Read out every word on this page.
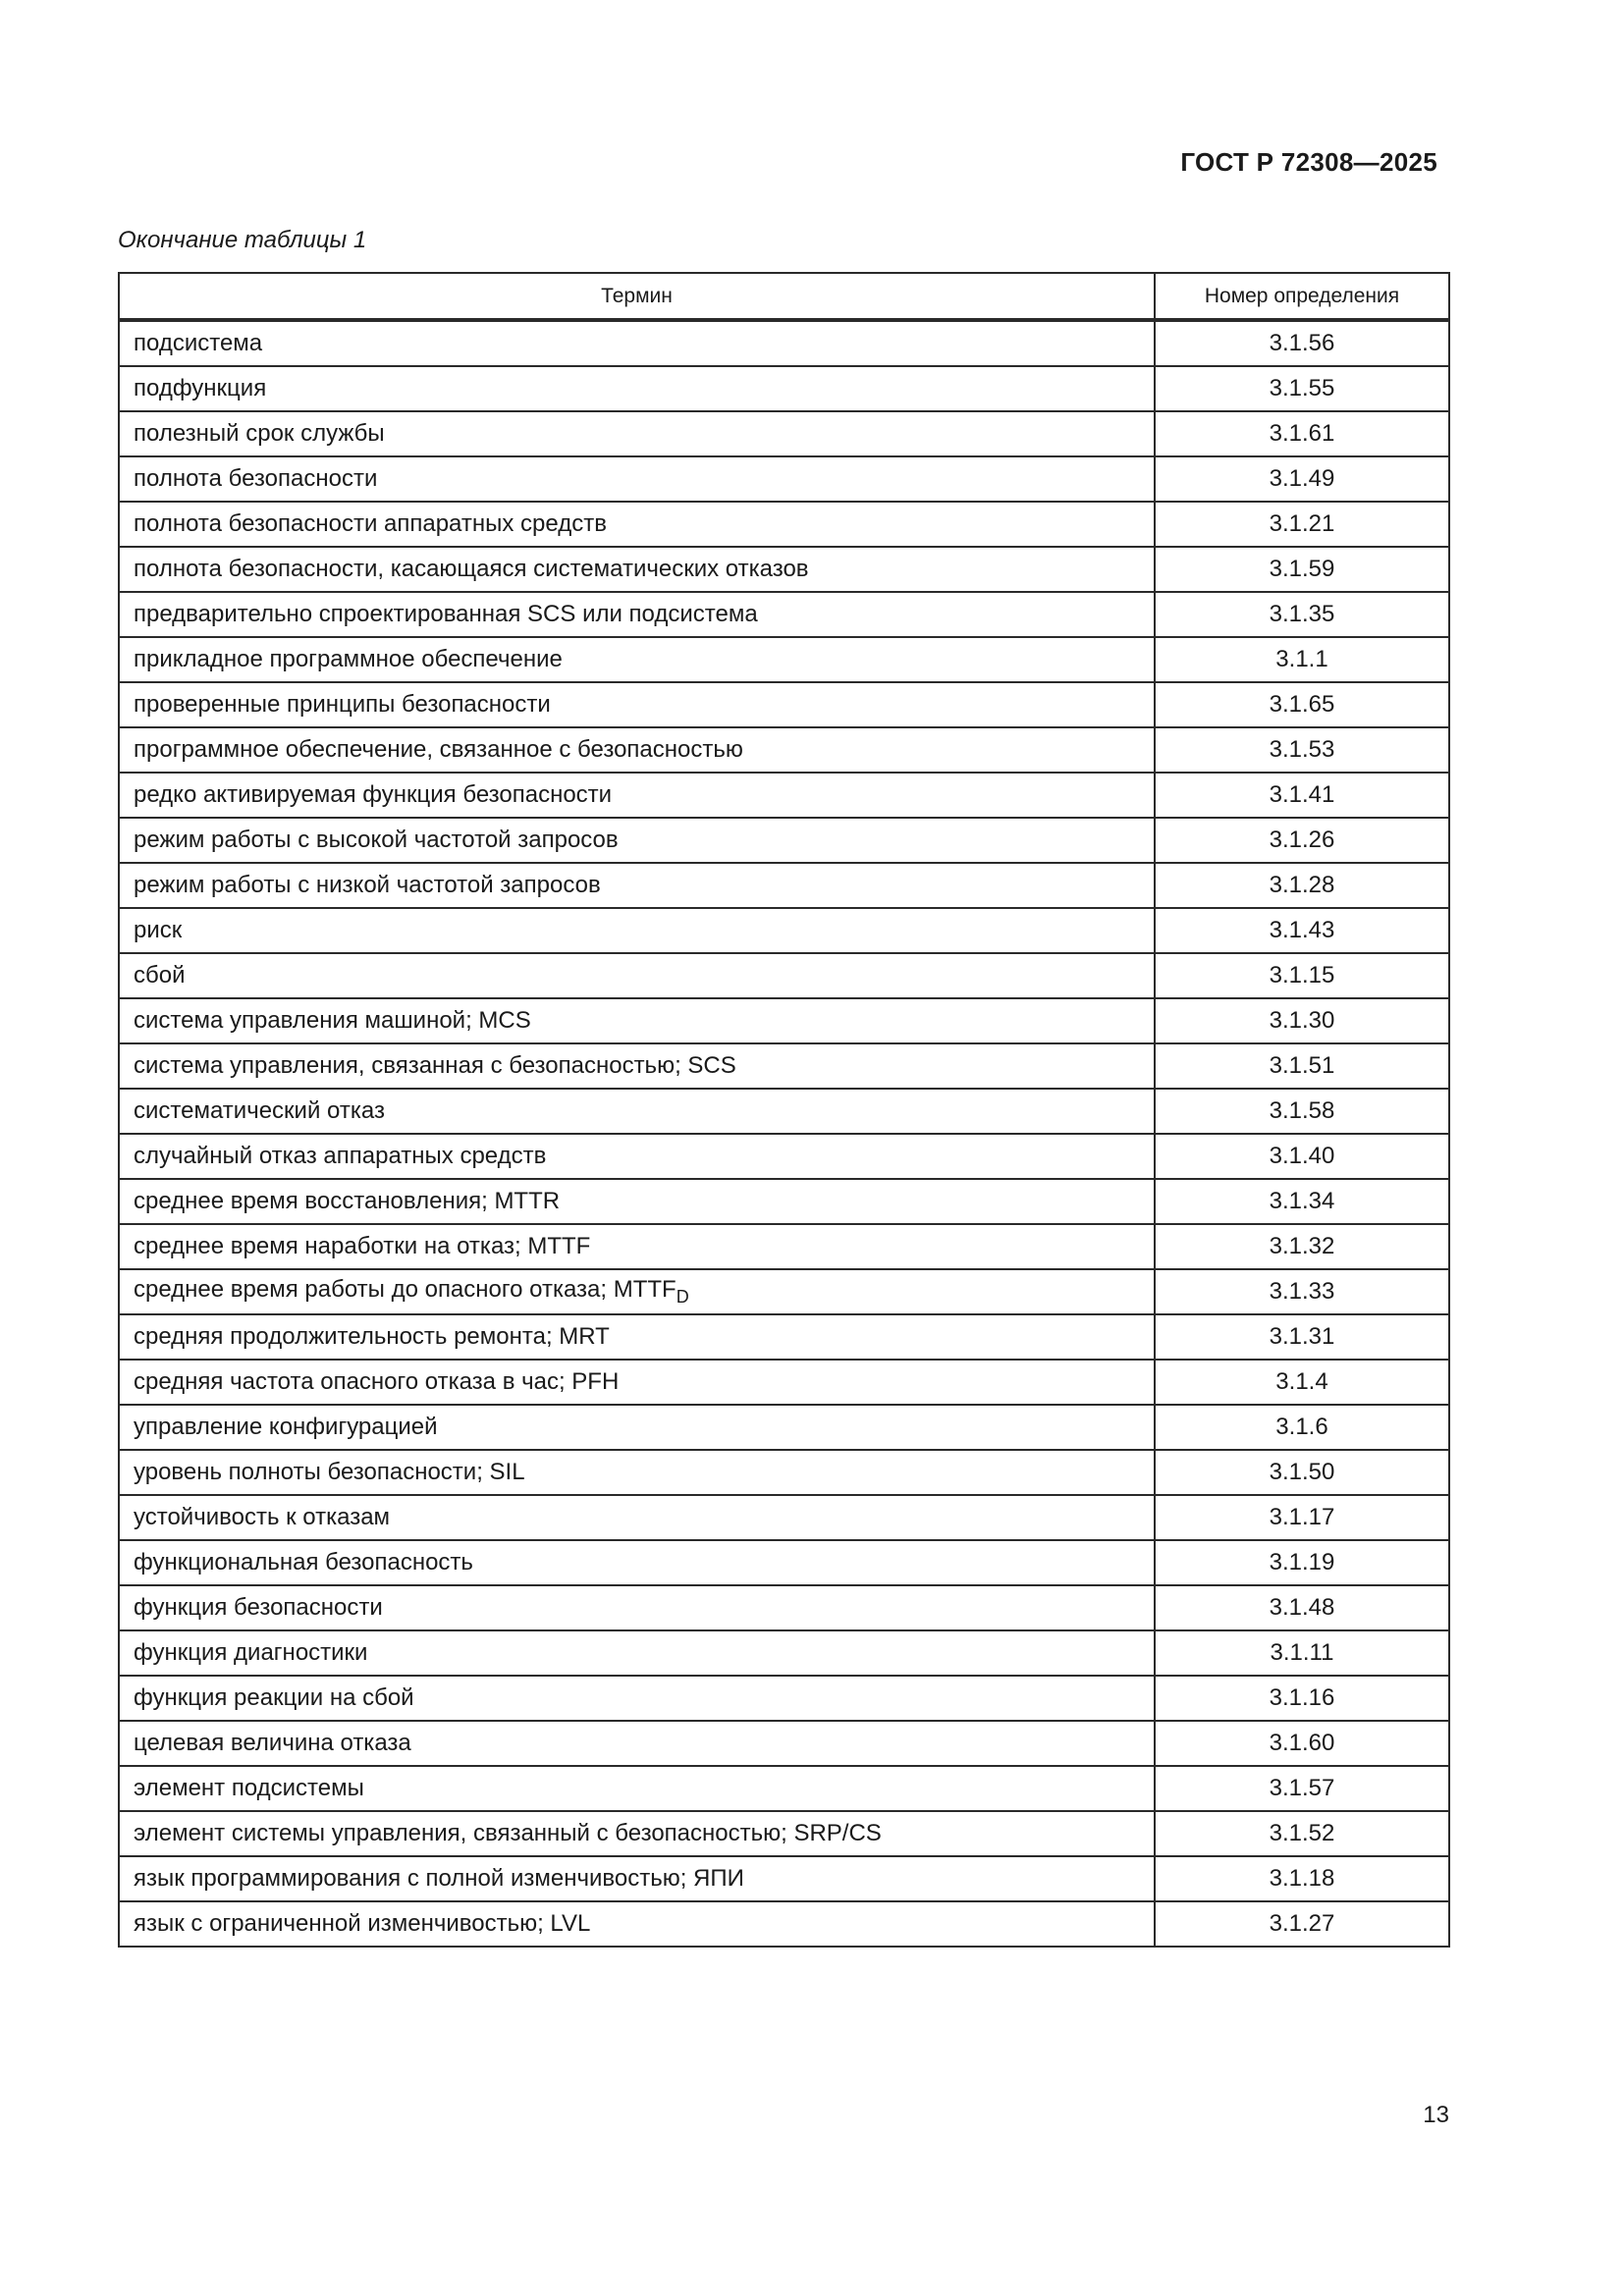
ГОСТ Р 72308—2025
Окончание таблицы 1
Термин	Номер определения
подсистема	3.1.56
подфункция	3.1.55
полезный срок службы	3.1.61
полнота безопасности	3.1.49
полнота безопасности аппаратных средств	3.1.21
полнота безопасности, касающаяся систематических отказов	3.1.59
предварительно спроектированная SCS или подсистема	3.1.35
прикладное программное обеспечение	3.1.1
проверенные принципы безопасности	3.1.65
программное обеспечение, связанное с безопасностью	3.1.53
редко активируемая функция безопасности	3.1.41
режим работы с высокой частотой запросов	3.1.26
режим работы с низкой частотой запросов	3.1.28
риск	3.1.43
сбой	3.1.15
система управления машиной; MCS	3.1.30
система управления, связанная с безопасностью; SCS	3.1.51
систематический отказ	3.1.58
случайный отказ аппаратных средств	3.1.40
среднее время восстановления; MTTR	3.1.34
среднее время наработки на отказ; MTTF	3.1.32
среднее время работы до опасного отказа; $MTTF_D$	3.1.33
средняя продолжительность ремонта; MRT	3.1.31
средняя частота опасного отказа в час; PFH	3.1.4
управление конфигурацией	3.1.6
уровень полноты безопасности; SIL	3.1.50
устойчивость к отказам	3.1.17
функциональная безопасность	3.1.19
функция безопасности	3.1.48
функция диагностики	3.1.11
функция реакции на сбой	3.1.16
целевая величина отказа	3.1.60
элемент подсистемы	3.1.57
элемент системы управления, связанный с безопасностью; SRP/CS	3.1.52
язык программирования с полной изменчивостью; ЯПИ	3.1.18
язык с ограниченной изменчивостью; LVL	3.1.27
13
